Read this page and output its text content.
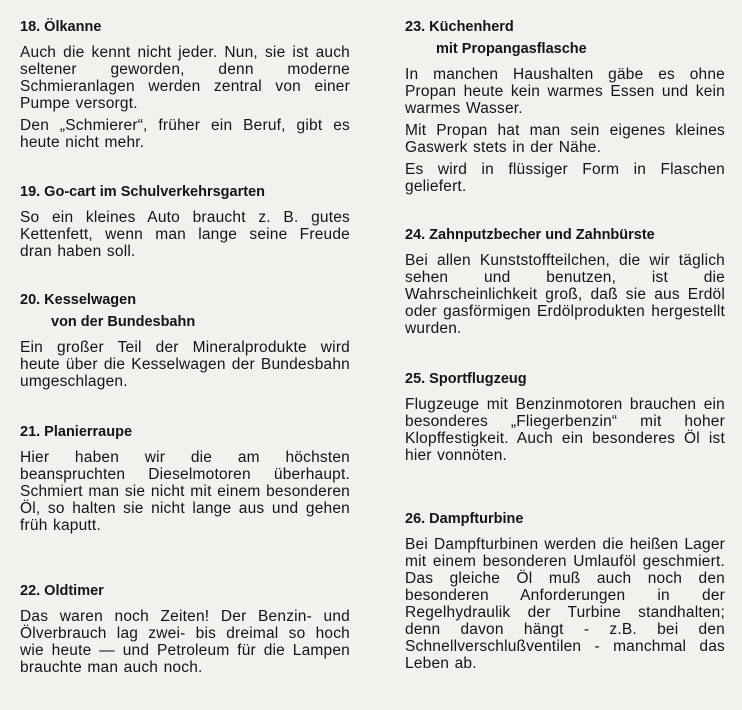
18. Ölkanne

Auch die kennt nicht jeder. Nun, sie ist auch seltener geworden, denn moderne Schmieranlagen werden zentral von einer Pumpe versorgt.

Den „Schmierer“, früher ein Beruf, gibt es heute nicht mehr.

19. Go-cart im Schulverkehrsgarten

So ein kleines Auto braucht z. B. gutes Kettenfett, wenn man lange seine Freude dran haben soll.

20. Kesselwagen
von der Bundesbahn

Ein großer Teil der Mineralprodukte wird heute über die Kesselwagen der Bundesbahn umgeschlagen.

21. Planierraupe

Hier haben wir die am höchsten beanspruchten Dieselmotoren überhaupt. Schmiert man sie nicht mit einem besonderen Öl, so halten sie nicht lange aus und gehen früh kaputt.

22. Oldtimer

Das waren noch Zeiten! Der Benzin- und Ölverbrauch lag zwei- bis dreimal so hoch wie heute — und Petroleum für die Lampen brauchte man auch noch.

23. Küchenherd
mit Propangasflasche

In manchen Haushalten gäbe es ohne Propan heute kein warmes Essen und kein warmes Wasser.

Mit Propan hat man sein eigenes kleines Gaswerk stets in der Nähe.

Es wird in flüssiger Form in Flaschen geliefert.

24. Zahnputzbecher und Zahnbürste

Bei allen Kunststoffteilchen, die wir täglich sehen und benutzen, ist die Wahrscheinlichkeit groß, daß sie aus Erdöl oder gasförmigen Erdölprodukten hergestellt wurden.

25. Sportflugzeug

Flugzeuge mit Benzinmotoren brauchen ein besonderes „Fliegerbenzin“ mit hoher Klopffestigkeit. Auch ein besonderes Öl ist hier vonnöten.

26. Dampfturbine

Bei Dampfturbinen werden die heißen Lager mit einem besonderen Umlauföl geschmiert. Das gleiche Öl muß auch noch den besonderen Anforderungen in der Regelhydraulik der Turbine standhalten; denn davon hängt - z.B. bei den Schnellverschlußventilen - manchmal das Leben ab.
